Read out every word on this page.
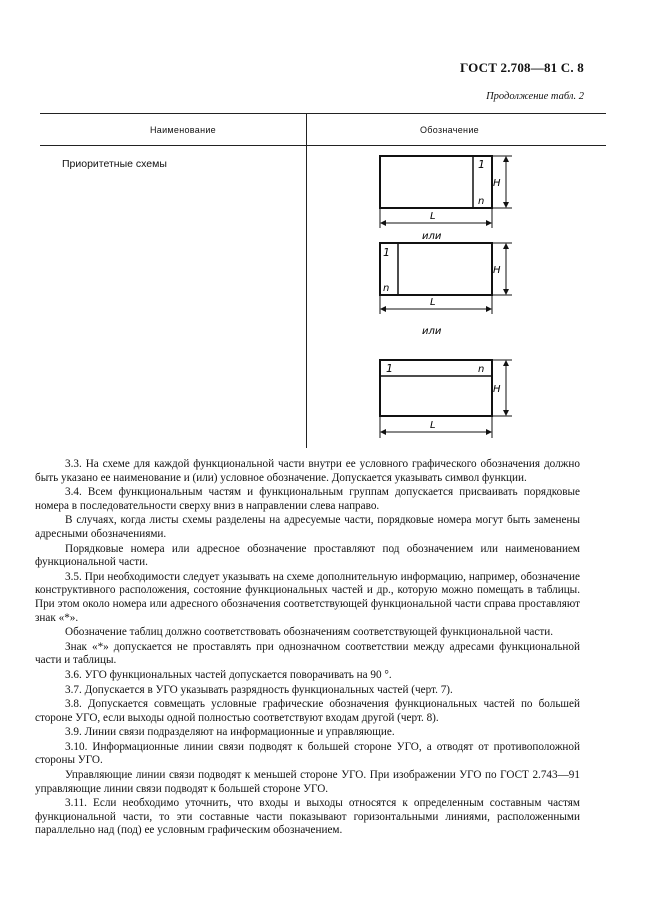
ГОСТ 2.708—81 С. 8
Продолжение табл. 2
Наименование	Обозначение
Приоритетные схемы	1
n
H
L
или
1
n
H
L
или
1	n
H
L

3.3. На схеме для каждой функциональной части внутри ее условного графического обозначения должно быть указано ее наименование и (или) условное обозначение. Допускается указывать символ функции.

3.4. Всем функциональным частям и функциональным группам допускается присваивать порядковые номера в последовательности сверху вниз в направлении слева направо.

В случаях, когда листы схемы разделены на адресуемые части, порядковые номера могут быть заменены адресными обозначениями.

Порядковые номера или адресное обозначение проставляют под обозначением или наименованием функциональной части.

3.5. При необходимости следует указывать на схеме дополнительную информацию, например, обозначение конструктивного расположения, состояние функциональных частей и др., которую можно помещать в таблицы. При этом около номера или адресного обозначения соответствующей функциональной части справа проставляют знак «*».

Обозначение таблиц должно соответствовать обозначениям соответствующей функциональной части.

Знак «*» допускается не проставлять при однозначном соответствии между адресами функциональной части и таблицы.

3.6. УГО функциональных частей допускается поворачивать на 90 °.

3.7. Допускается в УГО указывать разрядность функциональных частей (черт. 7).

3.8. Допускается совмещать условные графические обозначения функциональных частей по большей стороне УГО, если выходы одной полностью соответствуют входам другой (черт. 8).

3.9. Линии связи подразделяют на информационные и управляющие.

3.10. Информационные линии связи подводят к большей стороне УГО, а отводят от противоположной стороны УГО.

Управляющие линии связи подводят к меньшей стороне УГО. При изображении УГО по ГОСТ 2.743—91 управляющие линии связи подводят к большей стороне УГО.

3.11. Если необходимо уточнить, что входы и выходы относятся к определенным составным частям функциональной части, то эти составные части показывают горизонтальными линиями, расположенными параллельно над (под) ее условным графическим обозначением.
